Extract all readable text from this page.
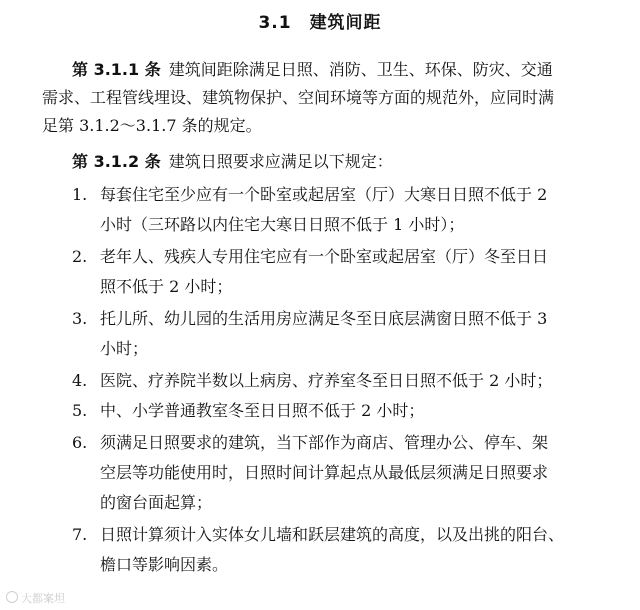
3.1 建筑间距
第 3.1.1 条 建筑间距除满足日照、消防、卫生、环保、防灾、交通
需求、工程管线埋设、建筑物保护、空间环境等方面的规范外，应同时满
足第 3.1.2～3.1.7 条的规定。
第 3.1.2 条 建筑日照要求应满足以下规定：
1. 每套住宅至少应有一个卧室或起居室（厅）大寒日日照不低于 2
小时（三环路以内住宅大寒日日照不低于 1 小时）；
2. 老年人、残疾人专用住宅应有一个卧室或起居室（厅）冬至日日
照不低于 2 小时；
3. 托儿所、幼儿园的生活用房应满足冬至日底层满窗日照不低于 3
小时；
4. 医院、疗养院半数以上病房、疗养室冬至日日照不低于 2 小时；
5. 中、小学普通教室冬至日日照不低于 2 小时；
6. 须满足日照要求的建筑，当下部作为商店、管理办公、停车、架
空层等功能使用时，日照时间计算起点从最低层须满足日照要求
的窗台面起算；
7. 日照计算须计入实体女儿墙和跃层建筑的高度，以及出挑的阳台、
檐口等影响因素。
大都案坦
